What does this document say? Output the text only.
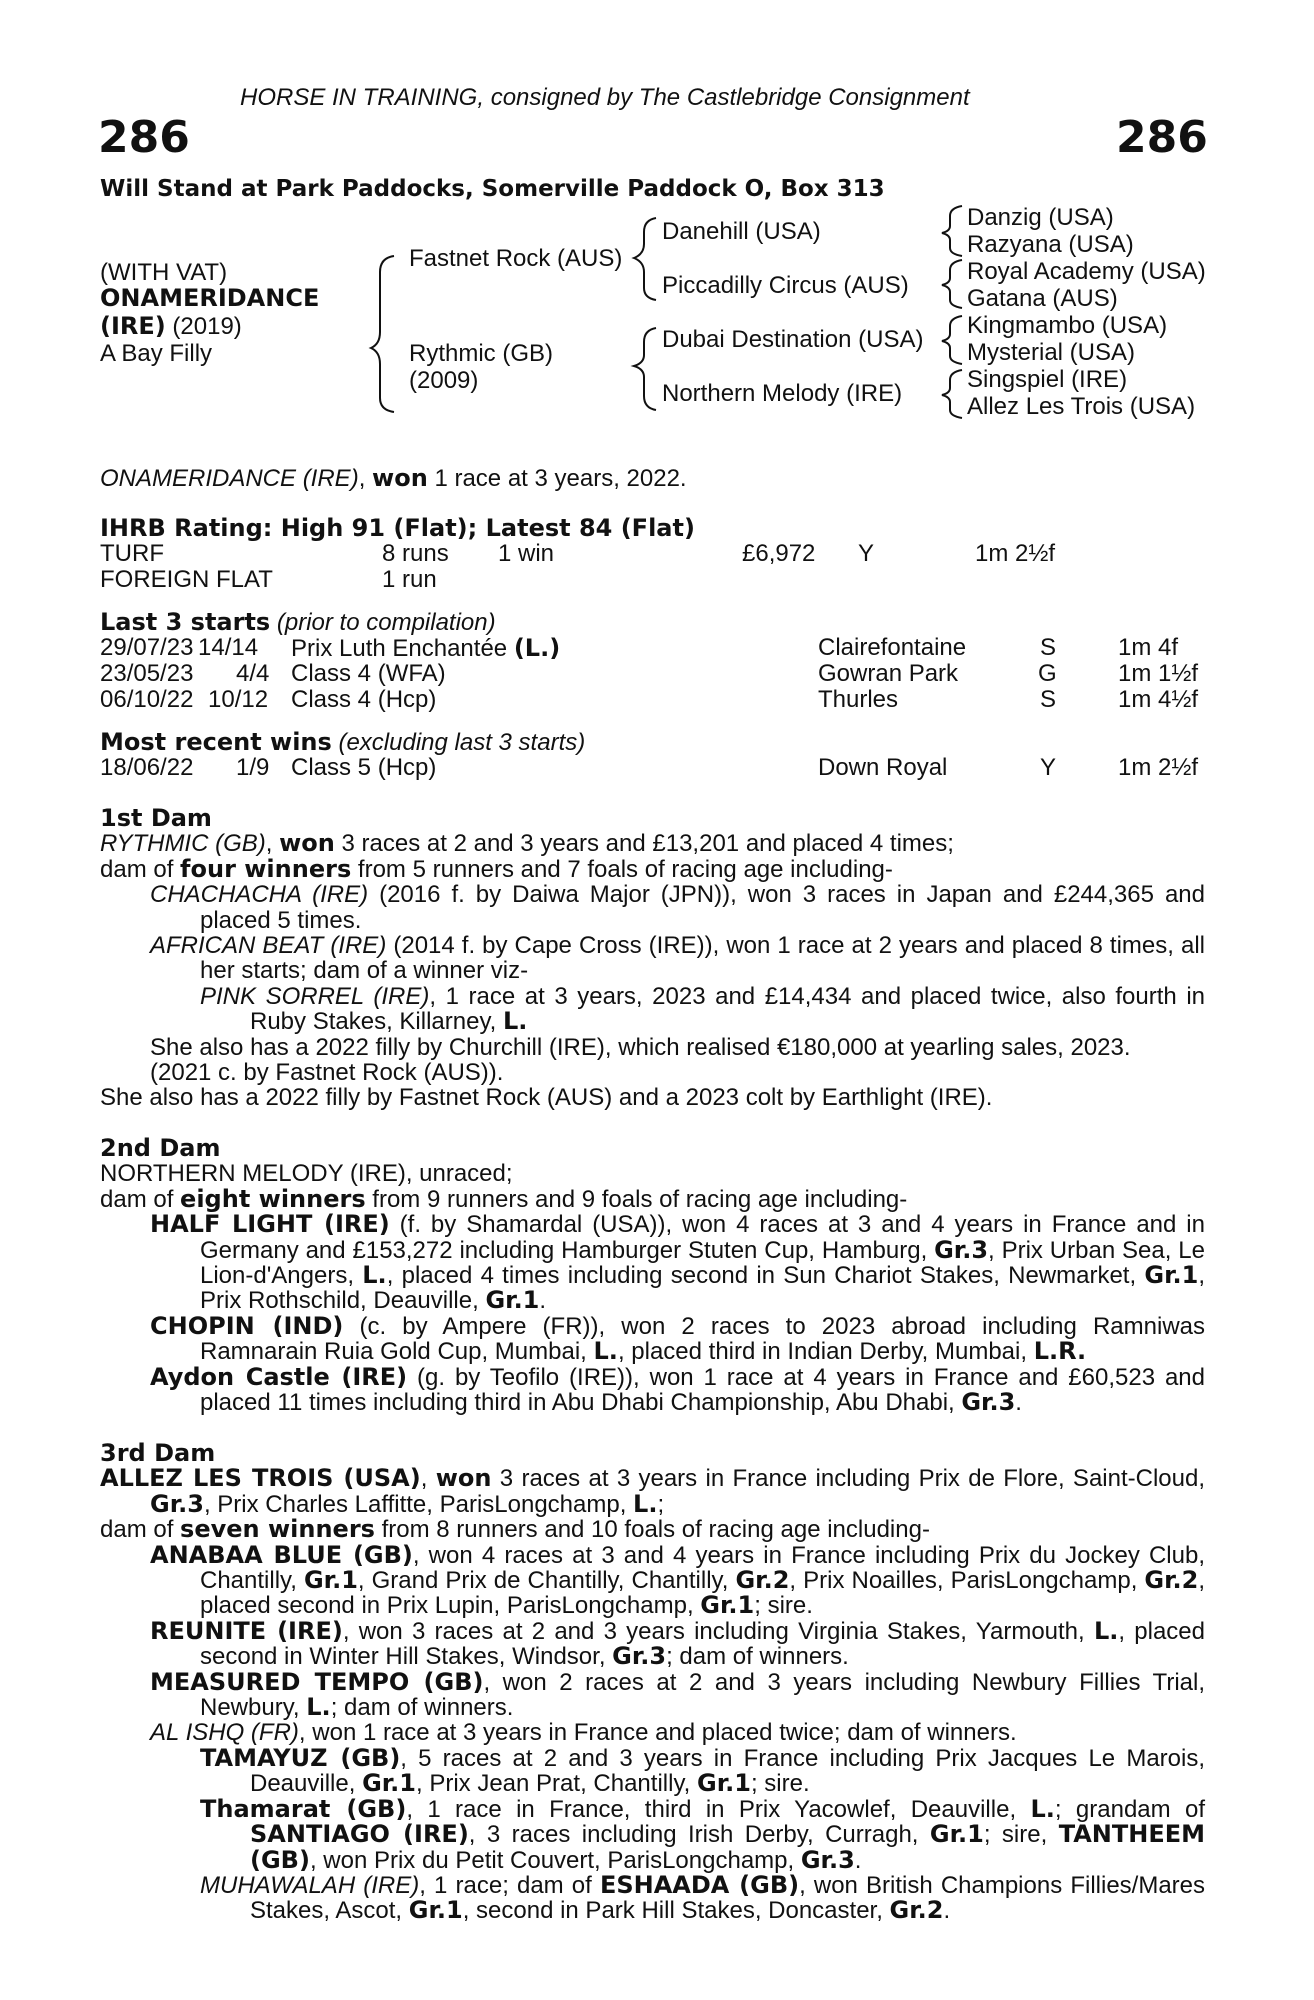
HORSE IN TRAINING, consigned by The Castlebridge Consignment
286	286
Will Stand at Park Paddocks, Somerville Paddock O, Box 313
(WITH VAT)
ONAMERIDANCE
(IRE) (2019)
A Bay Filly
Fastnet Rock (AUS)
Rythmic (GB)
(2009)
Danehill (USA)
Piccadilly Circus (AUS)
Dubai Destination (USA)
Northern Melody (IRE)
Danzig (USA)
Razyana (USA)
Royal Academy (USA)
Gatana (AUS)
Kingmambo (USA)
Mysterial (USA)
Singspiel (IRE)
Allez Les Trois (USA)
ONAMERIDANCE (IRE), won 1 race at 3 years, 2022.
IHRB Rating: High 91 (Flat); Latest 84 (Flat)
TURF	8 runs 1 win	£6,972 Y	1m 2½f
FOREIGN FLAT	1 run
Last 3 starts (prior to compilation)
29/07/23 14/14 Prix Luth Enchantée (L.)	Clairefontaine	S	1m 4f
23/05/23 4/4 Class 4 (WFA)	Gowran Park	G	1m 1½f
06/10/22 10/12 Class 4 (Hcp)	Thurles	S	1m 4½f
Most recent wins (excluding last 3 starts)
18/06/22 1/9 Class 5 (Hcp)	Down Royal	Y	1m 2½f

1st Dam

RYTHMIC (GB), won 3 races at 2 and 3 years and £13,201 and placed 4 times;

dam of four winners from 5 runners and 7 foals of racing age including-

CHACHACHA (IRE) (2016 f. by Daiwa Major (JPN)), won 3 races in Japan and £244,365 and placed 5 times.

AFRICAN BEAT (IRE) (2014 f. by Cape Cross (IRE)), won 1 race at 2 years and placed 8 times, all her starts; dam of a winner viz-

PINK SORREL (IRE), 1 race at 3 years, 2023 and £14,434 and placed twice, also fourth in Ruby Stakes, Killarney, L.

She also has a 2022 filly by Churchill (IRE), which realised €180,000 at yearling sales, 2023.

(2021 c. by Fastnet Rock (AUS)).

She also has a 2022 filly by Fastnet Rock (AUS) and a 2023 colt by Earthlight (IRE).

2nd Dam

NORTHERN MELODY (IRE), unraced;

dam of eight winners from 9 runners and 9 foals of racing age including-

HALF LIGHT (IRE) (f. by Shamardal (USA)), won 4 races at 3 and 4 years in France and in Germany and £153,272 including Hamburger Stuten Cup, Hamburg, Gr.3, Prix Urban Sea, Le Lion-d'Angers, L., placed 4 times including second in Sun Chariot Stakes, Newmarket, Gr.1, Prix Rothschild, Deauville, Gr.1.

CHOPIN (IND) (c. by Ampere (FR)), won 2 races to 2023 abroad including Ramniwas Ramnarain Ruia Gold Cup, Mumbai, L., placed third in Indian Derby, Mumbai, L.R.

Aydon Castle (IRE) (g. by Teofilo (IRE)), won 1 race at 4 years in France and £60,523 and placed 11 times including third in Abu Dhabi Championship, Abu Dhabi, Gr.3.

3rd Dam

ALLEZ LES TROIS (USA), won 3 races at 3 years in France including Prix de Flore, Saint-Cloud, Gr.3, Prix Charles Laffitte, ParisLongchamp, L.;

dam of seven winners from 8 runners and 10 foals of racing age including-

ANABAA BLUE (GB), won 4 races at 3 and 4 years in France including Prix du Jockey Club, Chantilly, Gr.1, Grand Prix de Chantilly, Chantilly, Gr.2, Prix Noailles, ParisLongchamp, Gr.2, placed second in Prix Lupin, ParisLongchamp, Gr.1; sire.

REUNITE (IRE), won 3 races at 2 and 3 years including Virginia Stakes, Yarmouth, L., placed second in Winter Hill Stakes, Windsor, Gr.3; dam of winners.

MEASURED TEMPO (GB), won 2 races at 2 and 3 years including Newbury Fillies Trial, Newbury, L.; dam of winners.

AL ISHQ (FR), won 1 race at 3 years in France and placed twice; dam of winners.

TAMAYUZ (GB), 5 races at 2 and 3 years in France including Prix Jacques Le Marois, Deauville, Gr.1, Prix Jean Prat, Chantilly, Gr.1; sire.

Thamarat (GB), 1 race in France, third in Prix Yacowlef, Deauville, L.; grandam of SANTIAGO (IRE), 3 races including Irish Derby, Curragh, Gr.1; sire, TANTHEEM (GB), won Prix du Petit Couvert, ParisLongchamp, Gr.3.

MUHAWALAH (IRE), 1 race; dam of ESHAADA (GB), won British Champions Fillies/Mares Stakes, Ascot, Gr.1, second in Park Hill Stakes, Doncaster, Gr.2.
